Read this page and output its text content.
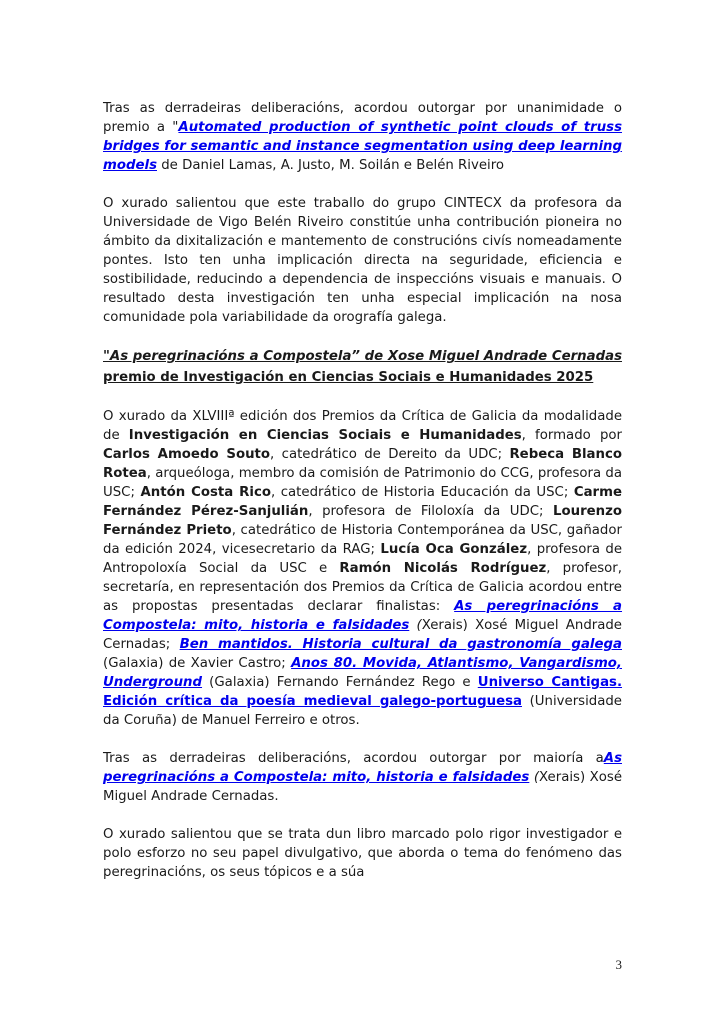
Tras as derradeiras deliberacións, acordou outorgar por unanimidade o premio a "Automated production of synthetic point clouds of truss bridges for semantic and instance segmentation using deep learning models de Daniel Lamas, A. Justo, M. Soilán e Belén Riveiro

O xurado salientou que este traballo do grupo CINTECX da profesora da Universidade de Vigo Belén Riveiro constitúe unha contribución pioneira no ámbito da dixitalización e mantemento de construcións civís nomeadamente pontes. Isto ten unha implicación directa na seguridade, eficiencia e sostibilidade, reducindo a dependencia de inspeccións visuais e manuais. O resultado desta investigación ten unha especial implicación na nosa comunidade pola variabilidade da orografía galega.

"As peregrinacións a Compostela” de Xose Miguel Andrade Cernadas premio de Investigación en Ciencias Sociais e Humanidades 2025

O xurado da XLVIIIª edición dos Premios da Crítica de Galicia da modalidade de Investigación en Ciencias Sociais e Humanidades, formado por Carlos Amoedo Souto, catedrático de Dereito da UDC; Rebeca Blanco Rotea, arqueóloga, membro da comisión de Patrimonio do CCG, profesora da USC; Antón Costa Rico, catedrático de Historia Educación da USC; Carme Fernández Pérez-Sanjulián, profesora de Filoloxía da UDC; Lourenzo Fernández Prieto, catedrático de Historia Contemporánea da USC, gañador da edición 2024, vicesecretario da RAG; Lucía Oca González, profesora de Antropoloxía Social da USC e Ramón Nicolás Rodríguez, profesor, secretaría, en representación dos Premios da Crítica de Galicia acordou entre as propostas presentadas declarar finalistas: As peregrinacións a Compostela: mito, historia e falsidades (Xerais) Xosé Miguel Andrade Cernadas; Ben mantidos. Historia cultural da gastronomía galega (Galaxia) de Xavier Castro; Anos 80. Movida, Atlantismo, Vangardismo, Underground (Galaxia) Fernando Fernández Rego e Universo Cantigas. Edición crítica da poesía medieval galego-portuguesa (Universidade da Coruña) de Manuel Ferreiro e otros.

Tras as derradeiras deliberacións, acordou outorgar por maioría aAs peregrinacións a Compostela: mito, historia e falsidades (Xerais) Xosé Miguel Andrade Cernadas.

O xurado salientou que se trata dun libro marcado polo rigor investigador e polo esforzo no seu papel divulgativo, que aborda o tema do fenómeno das peregrinacións, os seus tópicos e a súa

3
